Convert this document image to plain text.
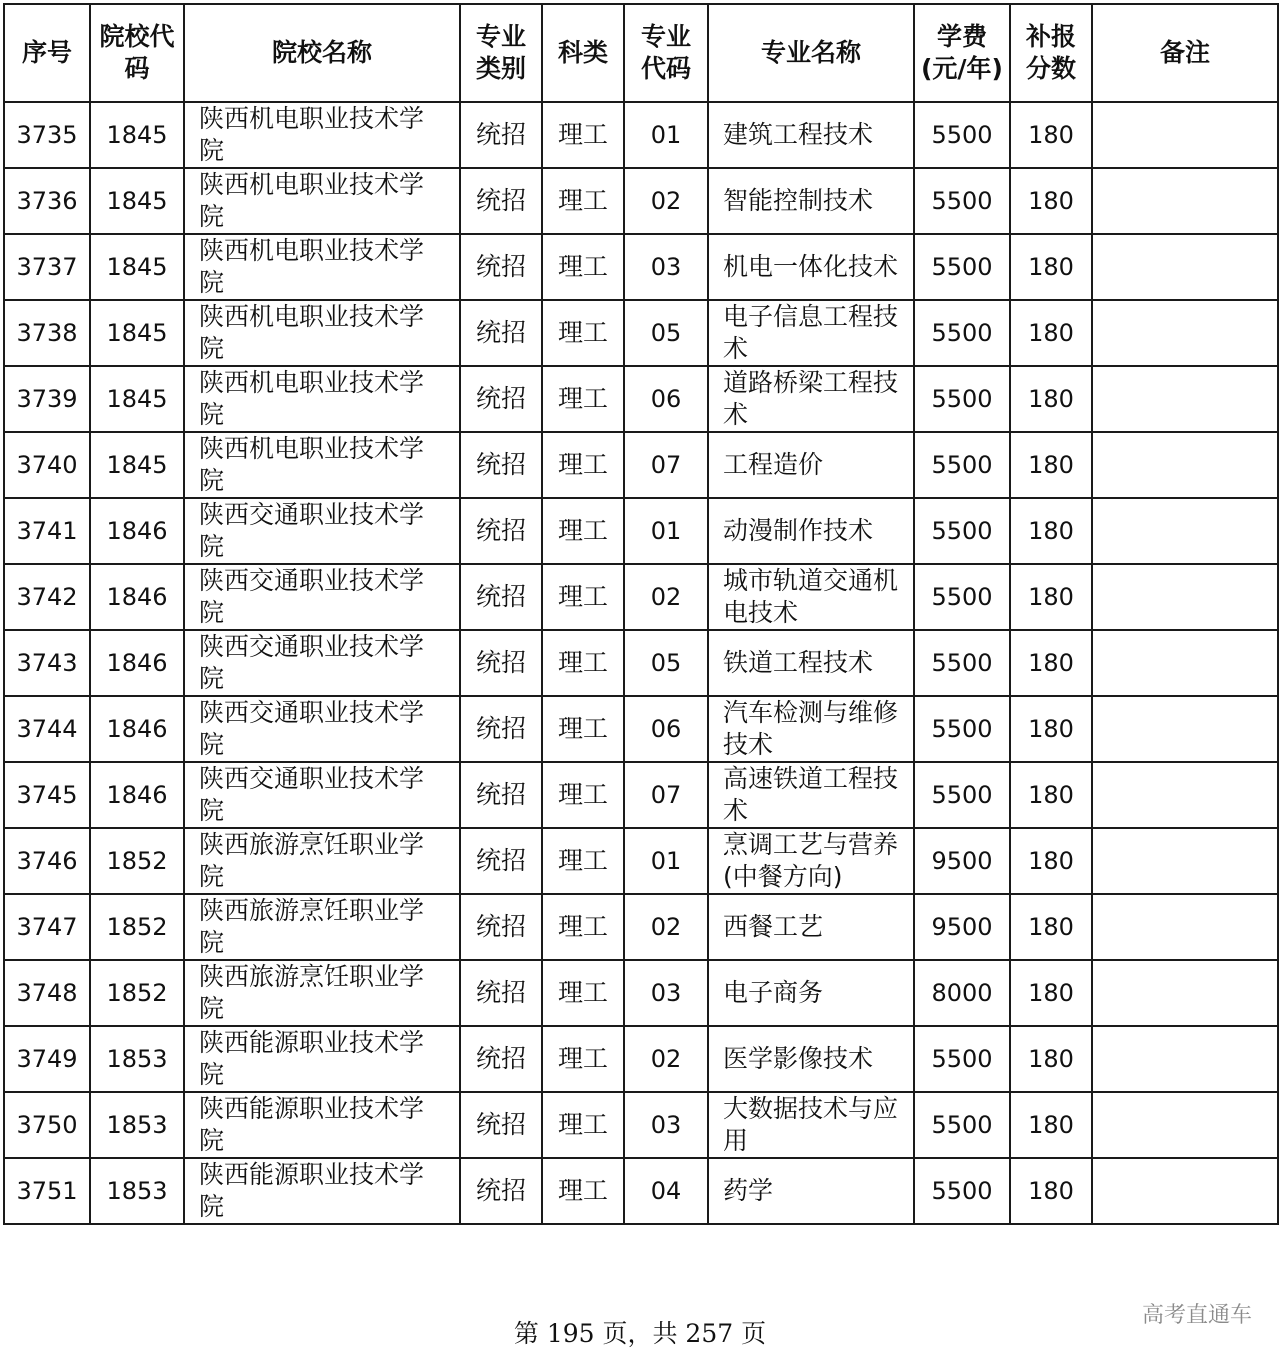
序号	院校代码	院校名称	专业类别	科类	专业代码	专业名称	学费(元/年)	补报分数	备注
3735	1845	陕西机电职业技术学院	统招	理工	01	建筑工程技术	5500	180	
3736	1845	陕西机电职业技术学院	统招	理工	02	智能控制技术	5500	180	
3737	1845	陕西机电职业技术学院	统招	理工	03	机电一体化技术	5500	180	
3738	1845	陕西机电职业技术学院	统招	理工	05	电子信息工程技术	5500	180	
3739	1845	陕西机电职业技术学院	统招	理工	06	道路桥梁工程技术	5500	180	
3740	1845	陕西机电职业技术学院	统招	理工	07	工程造价	5500	180	
3741	1846	陕西交通职业技术学院	统招	理工	01	动漫制作技术	5500	180	
3742	1846	陕西交通职业技术学院	统招	理工	02	城市轨道交通机电技术	5500	180	
3743	1846	陕西交通职业技术学院	统招	理工	05	铁道工程技术	5500	180	
3744	1846	陕西交通职业技术学院	统招	理工	06	汽车检测与维修技术	5500	180	
3745	1846	陕西交通职业技术学院	统招	理工	07	高速铁道工程技术	5500	180	
3746	1852	陕西旅游烹饪职业学院	统招	理工	01	烹调工艺与营养(中餐方向)	9500	180	
3747	1852	陕西旅游烹饪职业学院	统招	理工	02	西餐工艺	9500	180	
3748	1852	陕西旅游烹饪职业学院	统招	理工	03	电子商务	8000	180	
3749	1853	陕西能源职业技术学院	统招	理工	02	医学影像技术	5500	180	
3750	1853	陕西能源职业技术学院	统招	理工	03	大数据技术与应用	5500	180	
3751	1853	陕西能源职业技术学院	统招	理工	04	药学	5500	180	
第 195 页，共 257 页
高考直通车
